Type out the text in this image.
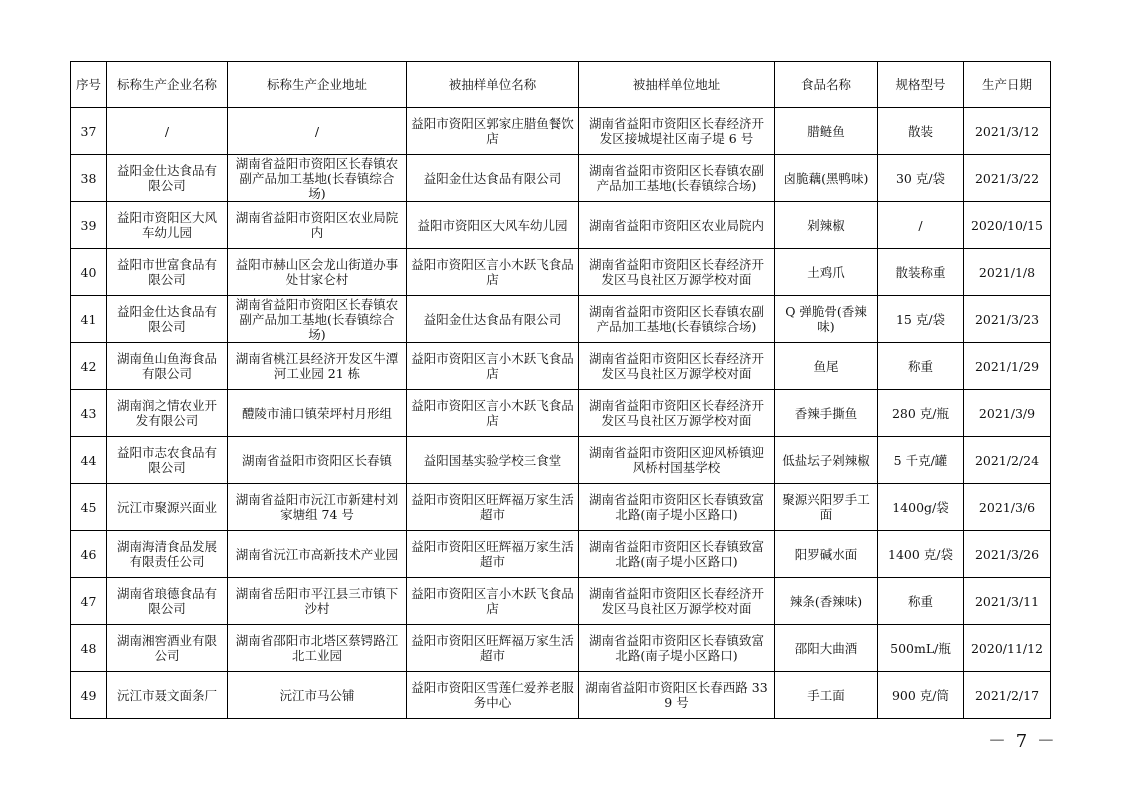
序号	标称生产企业名称	标称生产企业地址	被抽样单位名称	被抽样单位地址	食品名称	规格型号	生产日期
37	/	/	益阳市资阳区郭家庄腊鱼餐饮店	湖南省益阳市资阳区长春经济开发区接城堤社区南子堤 6 号	腊鲢鱼	散装	2021/3/12
38	益阳金仕达食品有限公司	湖南省益阳市资阳区长春镇农副产品加工基地(长春镇综合场)	益阳金仕达食品有限公司	湖南省益阳市资阳区长春镇农副产品加工基地(长春镇综合场)	卤脆藕(黑鸭味)	30 克/袋	2021/3/22
39	益阳市资阳区大风车幼儿园	湖南省益阳市资阳区农业局院内	益阳市资阳区大风车幼儿园	湖南省益阳市资阳区农业局院内	剁辣椒	/	2020/10/15
40	益阳市世富食品有限公司	益阳市赫山区会龙山街道办事处甘家仑村	益阳市资阳区言小木跃飞食品店	湖南省益阳市资阳区长春经济开发区马良社区万源学校对面	土鸡爪	散装称重	2021/1/8
41	益阳金仕达食品有限公司	湖南省益阳市资阳区长春镇农副产品加工基地(长春镇综合场)	益阳金仕达食品有限公司	湖南省益阳市资阳区长春镇农副产品加工基地(长春镇综合场)	Q 弹脆骨(香辣味)	15 克/袋	2021/3/23
42	湖南鱼山鱼海食品有限公司	湖南省桃江县经济开发区牛潭河工业园 21 栋	益阳市资阳区言小木跃飞食品店	湖南省益阳市资阳区长春经济开发区马良社区万源学校对面	鱼尾	称重	2021/1/29
43	湖南润之情农业开发有限公司	醴陵市浦口镇荣坪村月形组	益阳市资阳区言小木跃飞食品店	湖南省益阳市资阳区长春经济开发区马良社区万源学校对面	香辣手撕鱼	280 克/瓶	2021/3/9
44	益阳市志农食品有限公司	湖南省益阳市资阳区长春镇	益阳国基实验学校三食堂	湖南省益阳市资阳区迎风桥镇迎风桥村国基学校	低盐坛子剁辣椒	5 千克/罐	2021/2/24
45	沅江市聚源兴面业	湖南省益阳市沅江市新建村刘家塘组 74 号	益阳市资阳区旺辉福万家生活超市	湖南省益阳市资阳区长春镇致富北路(南子堤小区路口)	聚源兴阳罗手工面	1400g/袋	2021/3/6
46	湖南海清食品发展有限责任公司	湖南省沅江市高新技术产业园	益阳市资阳区旺辉福万家生活超市	湖南省益阳市资阳区长春镇致富北路(南子堤小区路口)	阳罗碱水面	1400 克/袋	2021/3/26
47	湖南省琅德食品有限公司	湖南省岳阳市平江县三市镇下沙村	益阳市资阳区言小木跃飞食品店	湖南省益阳市资阳区长春经济开发区马良社区万源学校对面	辣条(香辣味)	称重	2021/3/11
48	湖南湘窖酒业有限公司	湖南省邵阳市北塔区蔡锷路江北工业园	益阳市资阳区旺辉福万家生活超市	湖南省益阳市资阳区长春镇致富北路(南子堤小区路口)	邵阳大曲酒	500mL/瓶	2020/11/12
49	沅江市聂文面条厂	沅江市马公铺	益阳市资阳区雪莲仁爱养老服务中心	湖南省益阳市资阳区长春西路 339 号	手工面	900 克/筒	2021/2/17
－ 7 －
